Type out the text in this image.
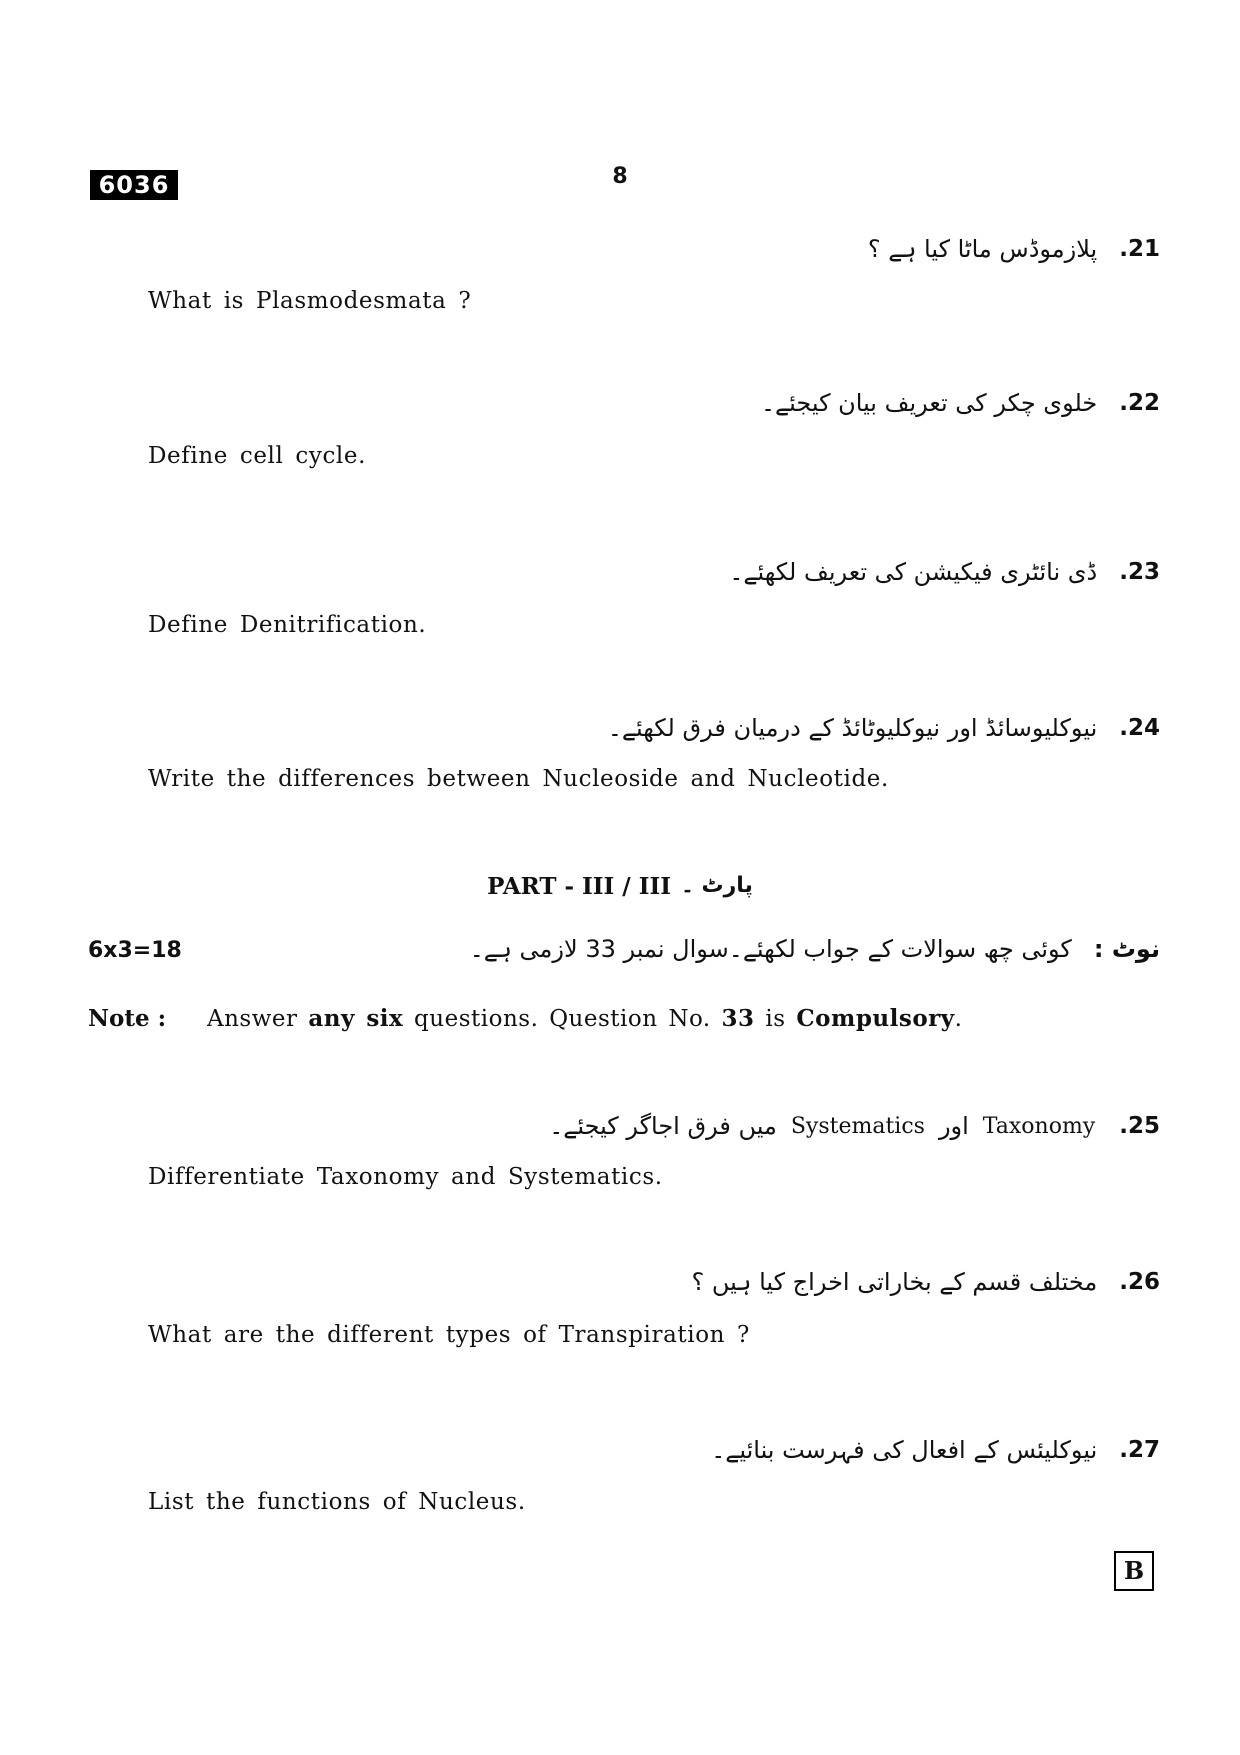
6036	8
پلازموڈس ماٹا کیا ہے ؟ .21
What is Plasmodesmata ?
خلوی چکر کی تعریف بیان کیجئے۔ .22
Define cell cycle.
ڈی نائٹری فیکیشن کی تعریف لکھئے۔ .23
Define Denitrification.
نیوکلیوسائڈ اور نیوکلیوٹائڈ کے درمیان فرق لکھئے۔ .24
Write the differences between Nucleoside and Nucleotide.
PART - III / III پارٹ ۔
6x3=18	کوئی چھ سوالات کے جواب لکھئے۔سوال نمبر 33 لازمی ہے۔ نوٹ :
Note : Answer any six questions. Question No. 33 is Compulsory.
میں فرق اجاگر کیجئے۔ Systematics اور Taxonomy .25
Differentiate Taxonomy and Systematics.
مختلف قسم کے بخاراتی اخراج کیا ہیں ؟ .26
What are the different types of Transpiration ?
نیوکلیئس کے افعال کی فہرست بنائیے۔ .27
List the functions of Nucleus.
B
